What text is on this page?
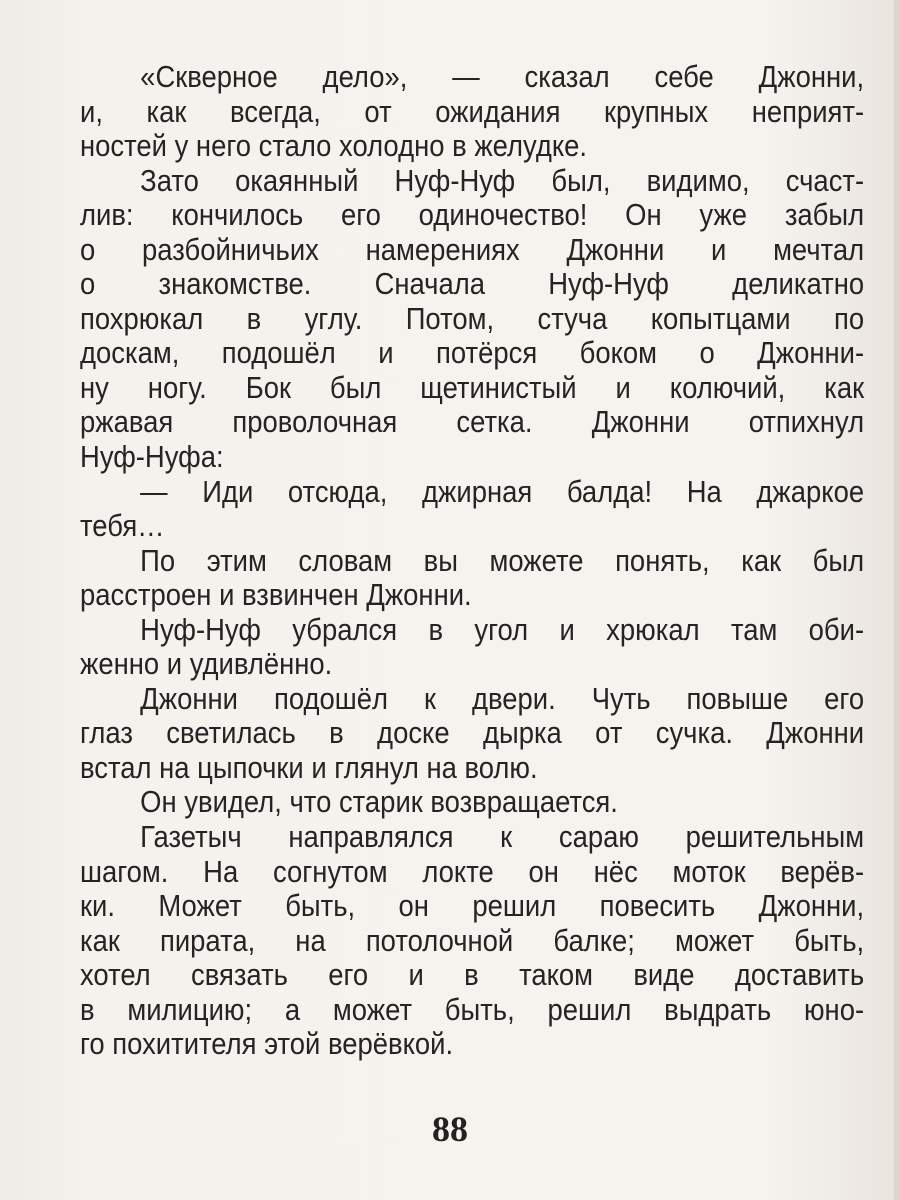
«Скверное дело», — сказал себе Джонни,
и, как всегда, от ожидания крупных неприят-
ностей у него стало холодно в желудке.
Зато окаянный Нуф-Нуф был, видимо, счаст-
лив: кончилось его одиночество! Он уже забыл
о разбойничьих намерениях Джонни и мечтал
о знакомстве. Сначала Нуф-Нуф деликатно
похрюкал в углу. Потом, стуча копытцами по
доскам, подошёл и потёрся боком о Джонни-
ну ногу. Бок был щетинистый и колючий, как
ржавая проволочная сетка. Джонни отпихнул
Нуф-Нуфа:
— Иди отсюда, джирная балда! На джаркое
тебя…
По этим словам вы можете понять, как был
расстроен и взвинчен Джонни.
Нуф-Нуф убрался в угол и хрюкал там оби-
женно и удивлённо.
Джонни подошёл к двери. Чуть повыше его
глаз светилась в доске дырка от сучка. Джонни
встал на цыпочки и глянул на волю.
Он увидел, что старик возвращается.
Газетыч направлялся к сараю решительным
шагом. На согнутом локте он нёс моток верёв-
ки. Может быть, он решил повесить Джонни,
как пирата, на потолочной балке; может быть,
хотел связать его и в таком виде доставить
в милицию; а может быть, решил выдрать юно-
го похитителя этой верёвкой.
88
